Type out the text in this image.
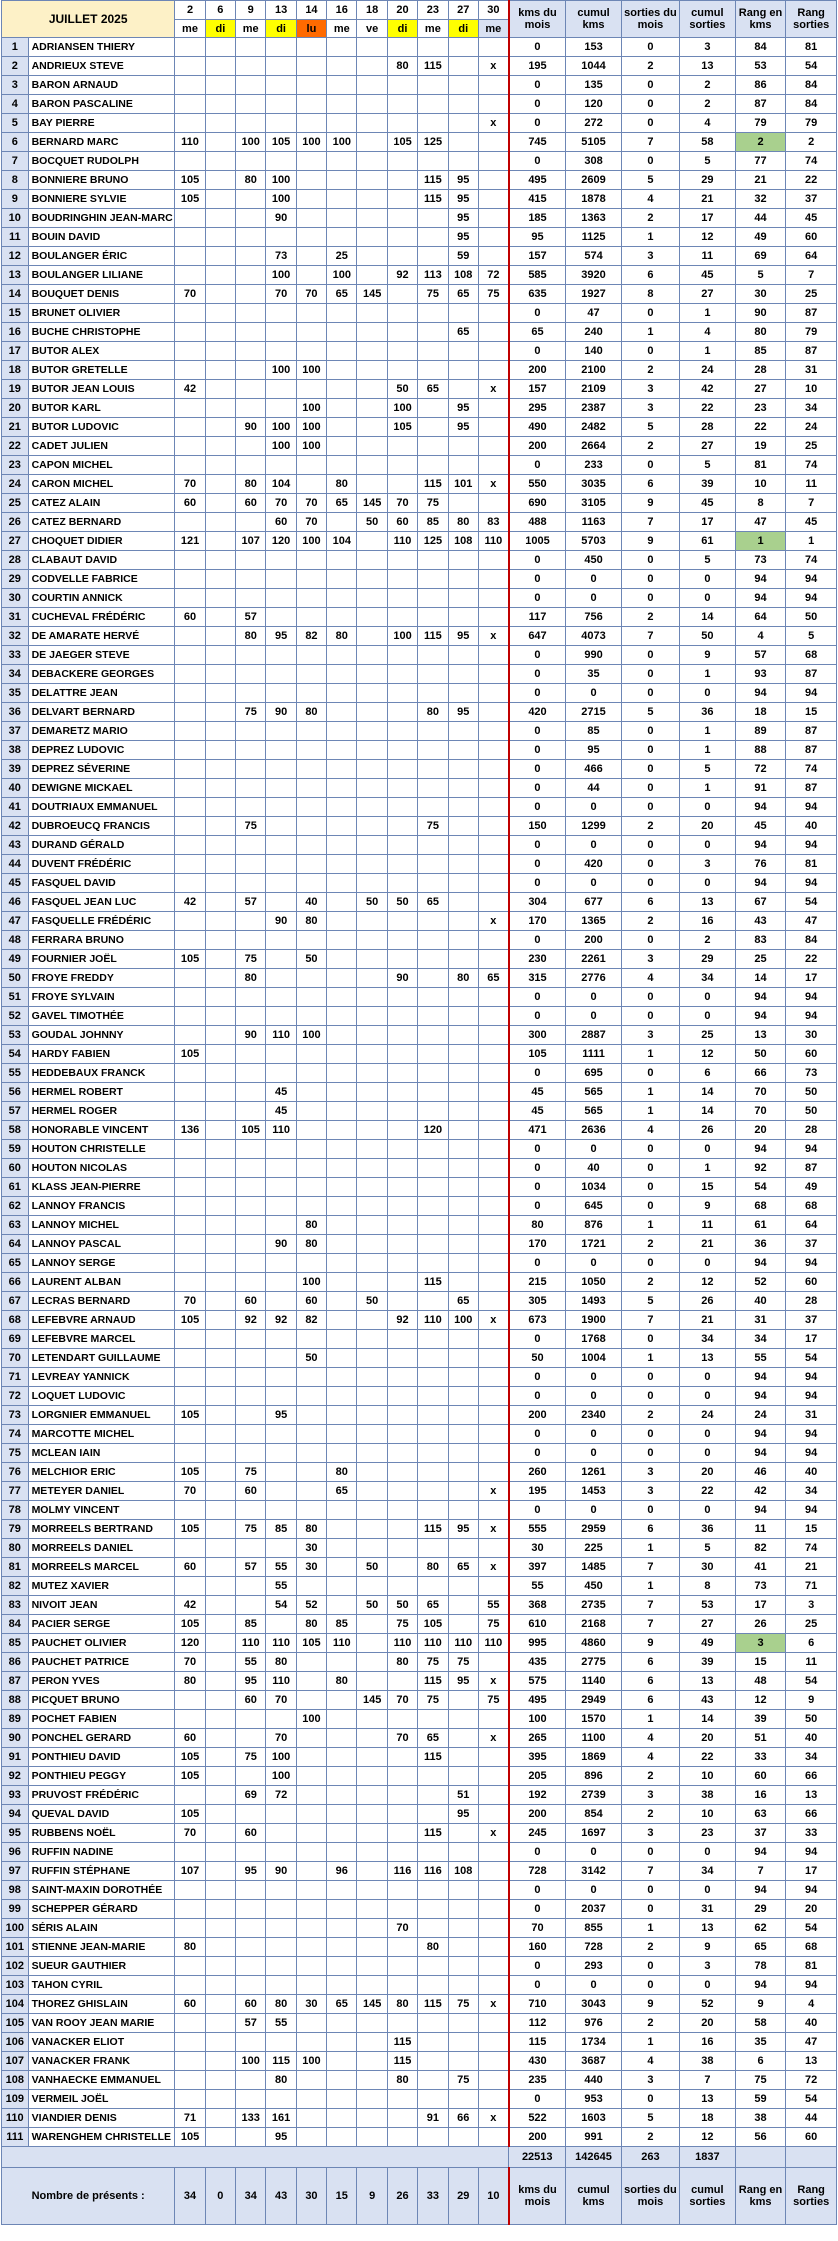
JUILLET 2025		2	6	9	13	14	16	18	20	23	27	30	kms du mois	cumul kms	sorties du mois	cumul sorties	Rang en kms	Rang sorties
		me	di	me	di	lu	me	ve	di	me	di	me						
1	ADRIANSEN THIERY												0	153	0	3	84	81
2	ANDRIEUX STEVE								80	115		x	195	1044	2	13	53	54
3	BARON ARNAUD												0	135	0	2	86	84
4	BARON PASCALINE												0	120	0	2	87	84
5	BAY PIERRE											x	0	272	0	4	79	79
6	BERNARD MARC	110		100	105	100	100		105	125			745	5105	7	58	2	2
7	BOCQUET RUDOLPH												0	308	0	5	77	74
8	BONNIERE BRUNO	105		80	100					115	95		495	2609	5	29	21	22
9	BONNIERE SYLVIE	105			100					115	95		415	1878	4	21	32	37
10	BOUDRINGHIN JEAN-MARC				90						95		185	1363	2	17	44	45
11	BOUIN DAVID										95		95	1125	1	12	49	60
12	BOULANGER ÉRIC				73		25				59		157	574	3	11	69	64
13	BOULANGER LILIANE				100		100		92	113	108	72	585	3920	6	45	5	7
14	BOUQUET DENIS	70			70	70	65	145		75	65	75	635	1927	8	27	30	25
15	BRUNET OLIVIER												0	47	0	1	90	87
16	BUCHE CHRISTOPHE										65		65	240	1	4	80	79
17	BUTOR ALEX												0	140	0	1	85	87
18	BUTOR GRETELLE				100	100							200	2100	2	24	28	31
19	BUTOR JEAN LOUIS	42							50	65		x	157	2109	3	42	27	10
20	BUTOR KARL					100			100		95		295	2387	3	22	23	34
21	BUTOR LUDOVIC			90	100	100			105		95		490	2482	5	28	22	24
22	CADET JULIEN				100	100							200	2664	2	27	19	25
23	CAPON MICHEL												0	233	0	5	81	74
24	CARON MICHEL	70		80	104		80			115	101	x	550	3035	6	39	10	11
25	CATEZ ALAIN	60		60	70	70	65	145	70	75			690	3105	9	45	8	7
26	CATEZ BERNARD				60	70		50	60	85	80	83	488	1163	7	17	47	45
27	CHOQUET DIDIER	121		107	120	100	104		110	125	108	110	1005	5703	9	61	1	1
28	CLABAUT DAVID												0	450	0	5	73	74
29	CODVELLE FABRICE												0	0	0	0	94	94
30	COURTIN ANNICK												0	0	0	0	94	94
31	CUCHEVAL FRÉDÉRIC	60		57									117	756	2	14	64	50
32	DE AMARATE HERVÉ			80	95	82	80		100	115	95	x	647	4073	7	50	4	5
33	DE JAEGER STEVE												0	990	0	9	57	68
34	DEBACKERE GEORGES												0	35	0	1	93	87
35	DELATTRE JEAN												0	0	0	0	94	94
36	DELVART BERNARD			75	90	80				80	95		420	2715	5	36	18	15
37	DEMARETZ MARIO												0	85	0	1	89	87
38	DEPREZ LUDOVIC												0	95	0	1	88	87
39	DEPREZ SÉVERINE												0	466	0	5	72	74
40	DEWIGNE MICKAEL												0	44	0	1	91	87
41	DOUTRIAUX EMMANUEL												0	0	0	0	94	94
42	DUBROEUCQ FRANCIS			75						75			150	1299	2	20	45	40
43	DURAND GÉRALD												0	0	0	0	94	94
44	DUVENT FRÉDÉRIC												0	420	0	3	76	81
45	FASQUEL DAVID												0	0	0	0	94	94
46	FASQUEL JEAN LUC	42		57		40		50	50	65			304	677	6	13	67	54
47	FASQUELLE FRÉDÉRIC				90	80						x	170	1365	2	16	43	47
48	FERRARA BRUNO												0	200	0	2	83	84
49	FOURNIER JOËL	105		75		50							230	2261	3	29	25	22
50	FROYE FREDDY			80					90		80	65	315	2776	4	34	14	17
51	FROYE SYLVAIN												0	0	0	0	94	94
52	GAVEL TIMOTHÉE												0	0	0	0	94	94
53	GOUDAL JOHNNY			90	110	100							300	2887	3	25	13	30
54	HARDY FABIEN	105											105	1111	1	12	50	60
55	HEDDEBAUX FRANCK												0	695	0	6	66	73
56	HERMEL ROBERT				45								45	565	1	14	70	50
57	HERMEL ROGER				45								45	565	1	14	70	50
58	HONORABLE VINCENT	136		105	110					120			471	2636	4	26	20	28
59	HOUTON CHRISTELLE												0	0	0	0	94	94
60	HOUTON NICOLAS												0	40	0	1	92	87
61	KLASS JEAN-PIERRE												0	1034	0	15	54	49
62	LANNOY FRANCIS												0	645	0	9	68	68
63	LANNOY MICHEL					80							80	876	1	11	61	64
64	LANNOY PASCAL				90	80							170	1721	2	21	36	37
65	LANNOY SERGE												0	0	0	0	94	94
66	LAURENT ALBAN					100				115			215	1050	2	12	52	60
67	LECRAS BERNARD	70		60		60		50			65		305	1493	5	26	40	28
68	LEFEBVRE ARNAUD	105		92	92	82			92	110	100	x	673	1900	7	21	31	37
69	LEFEBVRE MARCEL												0	1768	0	34	34	17
70	LETENDART GUILLAUME					50							50	1004	1	13	55	54
71	LEVREAY YANNICK												0	0	0	0	94	94
72	LOQUET LUDOVIC												0	0	0	0	94	94
73	LORGNIER EMMANUEL	105			95								200	2340	2	24	24	31
74	MARCOTTE MICHEL												0	0	0	0	94	94
75	MCLEAN IAIN												0	0	0	0	94	94
76	MELCHIOR ERIC	105		75			80						260	1261	3	20	46	40
77	METEYER DANIEL	70		60			65					x	195	1453	3	22	42	34
78	MOLMY VINCENT												0	0	0	0	94	94
79	MORREELS BERTRAND	105		75	85	80				115	95	x	555	2959	6	36	11	15
80	MORREELS DANIEL					30							30	225	1	5	82	74
81	MORREELS MARCEL	60		57	55	30		50		80	65	x	397	1485	7	30	41	21
82	MUTEZ XAVIER				55								55	450	1	8	73	71
83	NIVOIT JEAN	42			54	52		50	50	65		55	368	2735	7	53	17	3
84	PACIER SERGE	105		85		80	85		75	105		75	610	2168	7	27	26	25
85	PAUCHET OLIVIER	120		110	110	105	110		110	110	110	110	995	4860	9	49	3	6
86	PAUCHET PATRICE	70		55	80				80	75	75		435	2775	6	39	15	11
87	PERON YVES	80		95	110		80			115	95	x	575	1140	6	13	48	54
88	PICQUET BRUNO			60	70			145	70	75		75	495	2949	6	43	12	9
89	POCHET FABIEN					100							100	1570	1	14	39	50
90	PONCHEL GERARD	60			70				70	65		x	265	1100	4	20	51	40
91	PONTHIEU DAVID	105		75	100					115			395	1869	4	22	33	34
92	PONTHIEU PEGGY	105			100								205	896	2	10	60	66
93	PRUVOST FRÉDÉRIC			69	72						51		192	2739	3	38	16	13
94	QUEVAL DAVID	105									95		200	854	2	10	63	66
95	RUBBENS NOËL	70		60						115		x	245	1697	3	23	37	33
96	RUFFIN NADINE												0	0	0	0	94	94
97	RUFFIN STÉPHANE	107		95	90		96		116	116	108		728	3142	7	34	7	17
98	SAINT-MAXIN DOROTHÉE												0	0	0	0	94	94
99	SCHEPPER GÉRARD												0	2037	0	31	29	20
100	SÉRIS ALAIN								70				70	855	1	13	62	54
101	STIENNE JEAN-MARIE	80								80			160	728	2	9	65	68
102	SUEUR GAUTHIER												0	293	0	3	78	81
103	TAHON CYRIL												0	0	0	0	94	94
104	THOREZ GHISLAIN	60		60	80	30	65	145	80	115	75	x	710	3043	9	52	9	4
105	VAN ROOY JEAN MARIE			57	55								112	976	2	20	58	40
106	VANACKER ELIOT								115				115	1734	1	16	35	47
107	VANACKER FRANK			100	115	100			115				430	3687	4	38	6	13
108	VANHAECKE EMMANUEL				80				80		75		235	440	3	7	75	72
109	VERMEIL JOËL												0	953	0	13	59	54
110	VIANDIER DENIS	71		133	161					91	66	x	522	1603	5	18	38	44
111	WARENGHEM CHRISTELLE	105			95								200	991	2	12	56	60
													22513	142645	263	1837		
Nombre de présents :		34	0	34	43	30	15	9	26	33	29	10	kms du mois	cumul kms	sorties du mois	cumul sorties	Rang en kms	Rang sorties
